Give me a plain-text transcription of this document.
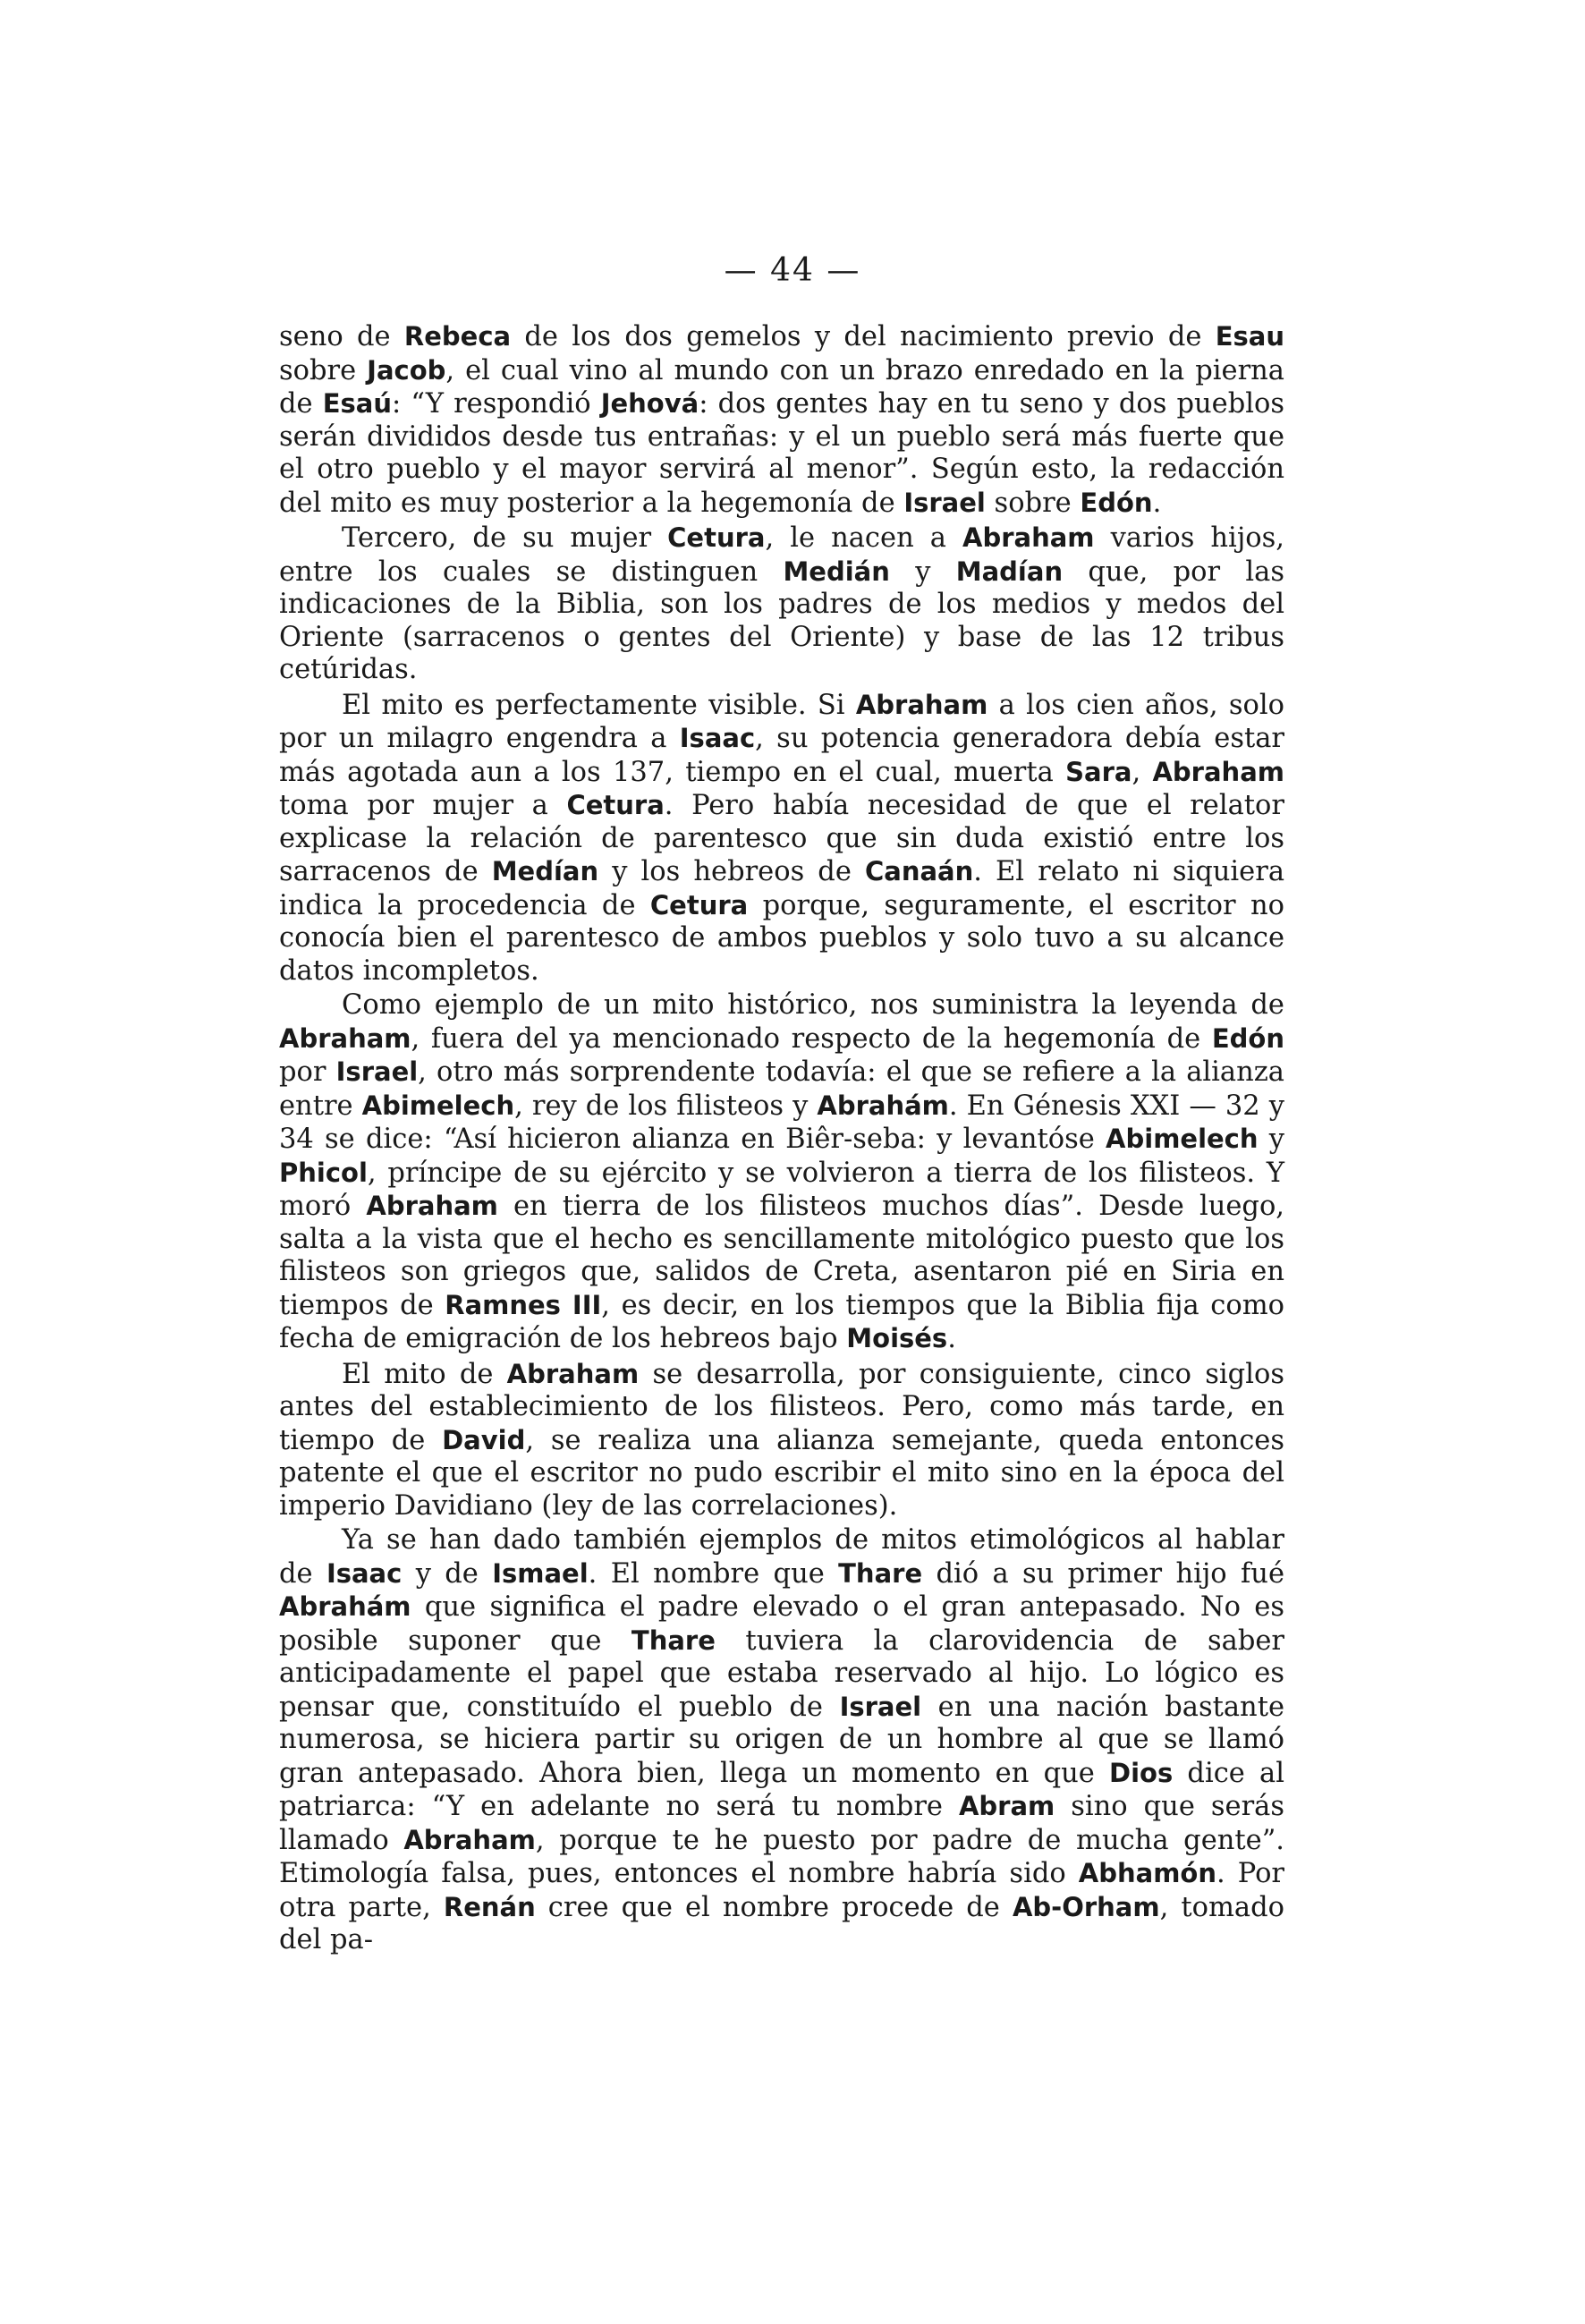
— 44 —

seno de Rebeca de los dos gemelos y del nacimiento previo de Esau sobre Jacob, el cual vino al mundo con un brazo enredado en la pierna de Esaú: “Y respondió Jehová: dos gentes hay en tu seno y dos pueblos serán divididos desde tus entrañas: y el un pueblo será más fuerte que el otro pueblo y el mayor servirá al menor”. Según esto, la redacción del mito es muy posterior a la hegemonía de Israel sobre Edón.

Tercero, de su mujer Cetura, le nacen a Abraham varios hijos, entre los cuales se distinguen Medián y Madían que, por las indicaciones de la Biblia, son los padres de los medios y medos del Oriente (sarracenos o gentes del Oriente) y base de las 12 tribus cetúridas.

El mito es perfectamente visible. Si Abraham a los cien años, solo por un milagro engendra a Isaac, su potencia generadora debía estar más agotada aun a los 137, tiempo en el cual, muerta Sara, Abraham toma por mujer a Cetura. Pero había necesidad de que el relator explicase la relación de parentesco que sin duda existió entre los sarracenos de Medían y los hebreos de Canaán. El relato ni siquiera indica la procedencia de Cetura porque, seguramente, el escritor no conocía bien el parentesco de ambos pueblos y solo tuvo a su alcance datos incompletos.

Como ejemplo de un mito histórico, nos suministra la leyenda de Abraham, fuera del ya mencionado respecto de la hegemonía de Edón por Israel, otro más sorprendente todavía: el que se refiere a la alianza entre Abimelech, rey de los filisteos y Abrahám. En Génesis XXI — 32 y 34 se dice: “Así hicieron alianza en Biêr-seba: y levantóse Abimelech y Phicol, príncipe de su ejército y se volvieron a tierra de los filisteos. Y moró Abraham en tierra de los filisteos muchos días”. Desde luego, salta a la vista que el hecho es sencillamente mitológico puesto que los filisteos son griegos que, salidos de Creta, asentaron pié en Siria en tiempos de Ramnes III, es decir, en los tiempos que la Biblia fija como fecha de emigración de los hebreos bajo Moisés.

El mito de Abraham se desarrolla, por consiguiente, cinco siglos antes del establecimiento de los filisteos. Pero, como más tarde, en tiempo de David, se realiza una alianza semejante, queda entonces patente el que el escritor no pudo escribir el mito sino en la época del imperio Davidiano (ley de las correlaciones).

Ya se han dado también ejemplos de mitos etimológicos al hablar de Isaac y de Ismael. El nombre que Thare dió a su primer hijo fué Abrahám que significa el padre elevado o el gran antepasado. No es posible suponer que Thare tuviera la clarovidencia de saber anticipadamente el papel que estaba reservado al hijo. Lo lógico es pensar que, constituído el pueblo de Israel en una nación bastante numerosa, se hiciera partir su origen de un hombre al que se llamó gran antepasado. Ahora bien, llega un momento en que Dios dice al patriarca: “Y en adelante no será tu nombre Abram sino que serás llamado Abraham, porque te he puesto por padre de mucha gente”. Etimología falsa, pues, entonces el nombre habría sido Abhamón. Por otra parte, Renán cree que el nombre procede de Ab-Orham, tomado del pa-
